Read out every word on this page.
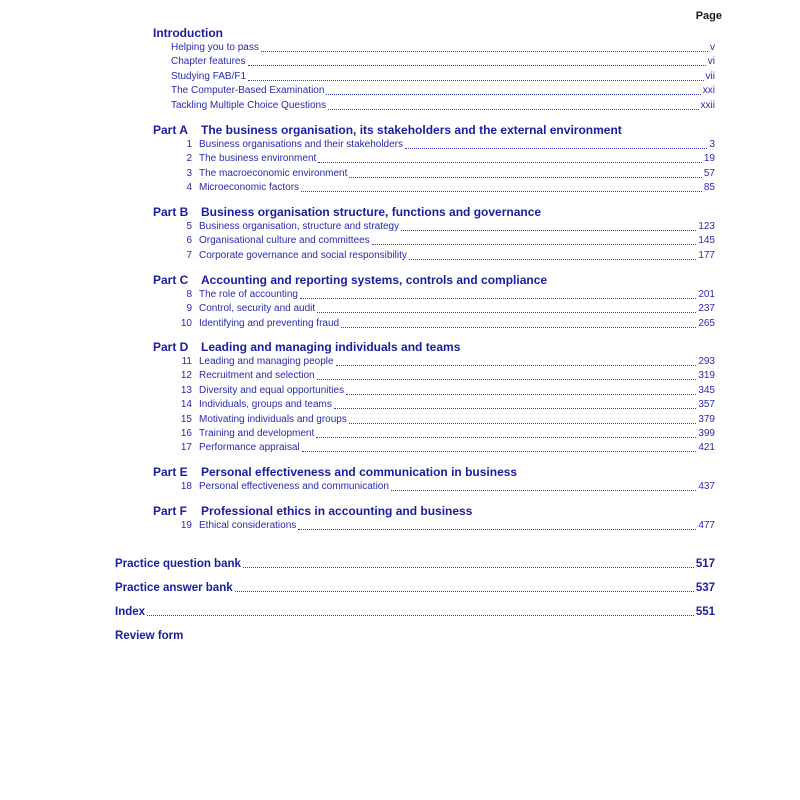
Page
Introduction
Helping you to pass	v
Chapter features	vi
Studying FAB/F1	vii
The Computer-Based Examination	xxi
Tackling Multiple Choice Questions	xxii
Part A The business organisation, its stakeholders and the external environment
1 Business organisations and their stakeholders	3
2 The business environment	19
3 The macroeconomic environment	57
4 Microeconomic factors	85
Part B Business organisation structure, functions and governance
5 Business organisation, structure and strategy	123
6 Organisational culture and committees	145
7 Corporate governance and social responsibility	177
Part C Accounting and reporting systems, controls and compliance
8 The role of accounting	201
9 Control, security and audit	237
10 Identifying and preventing fraud	265
Part D Leading and managing individuals and teams
11 Leading and managing people	293
12 Recruitment and selection	319
13 Diversity and equal opportunities	345
14 Individuals, groups and teams	357
15 Motivating individuals and groups	379
16 Training and development	399
17 Performance appraisal	421
Part E Personal effectiveness and communication in business
18 Personal effectiveness and communication	437
Part F Professional ethics in accounting and business
19 Ethical considerations	477
Practice question bank	517
Practice answer bank	537
Index	551
Review form
